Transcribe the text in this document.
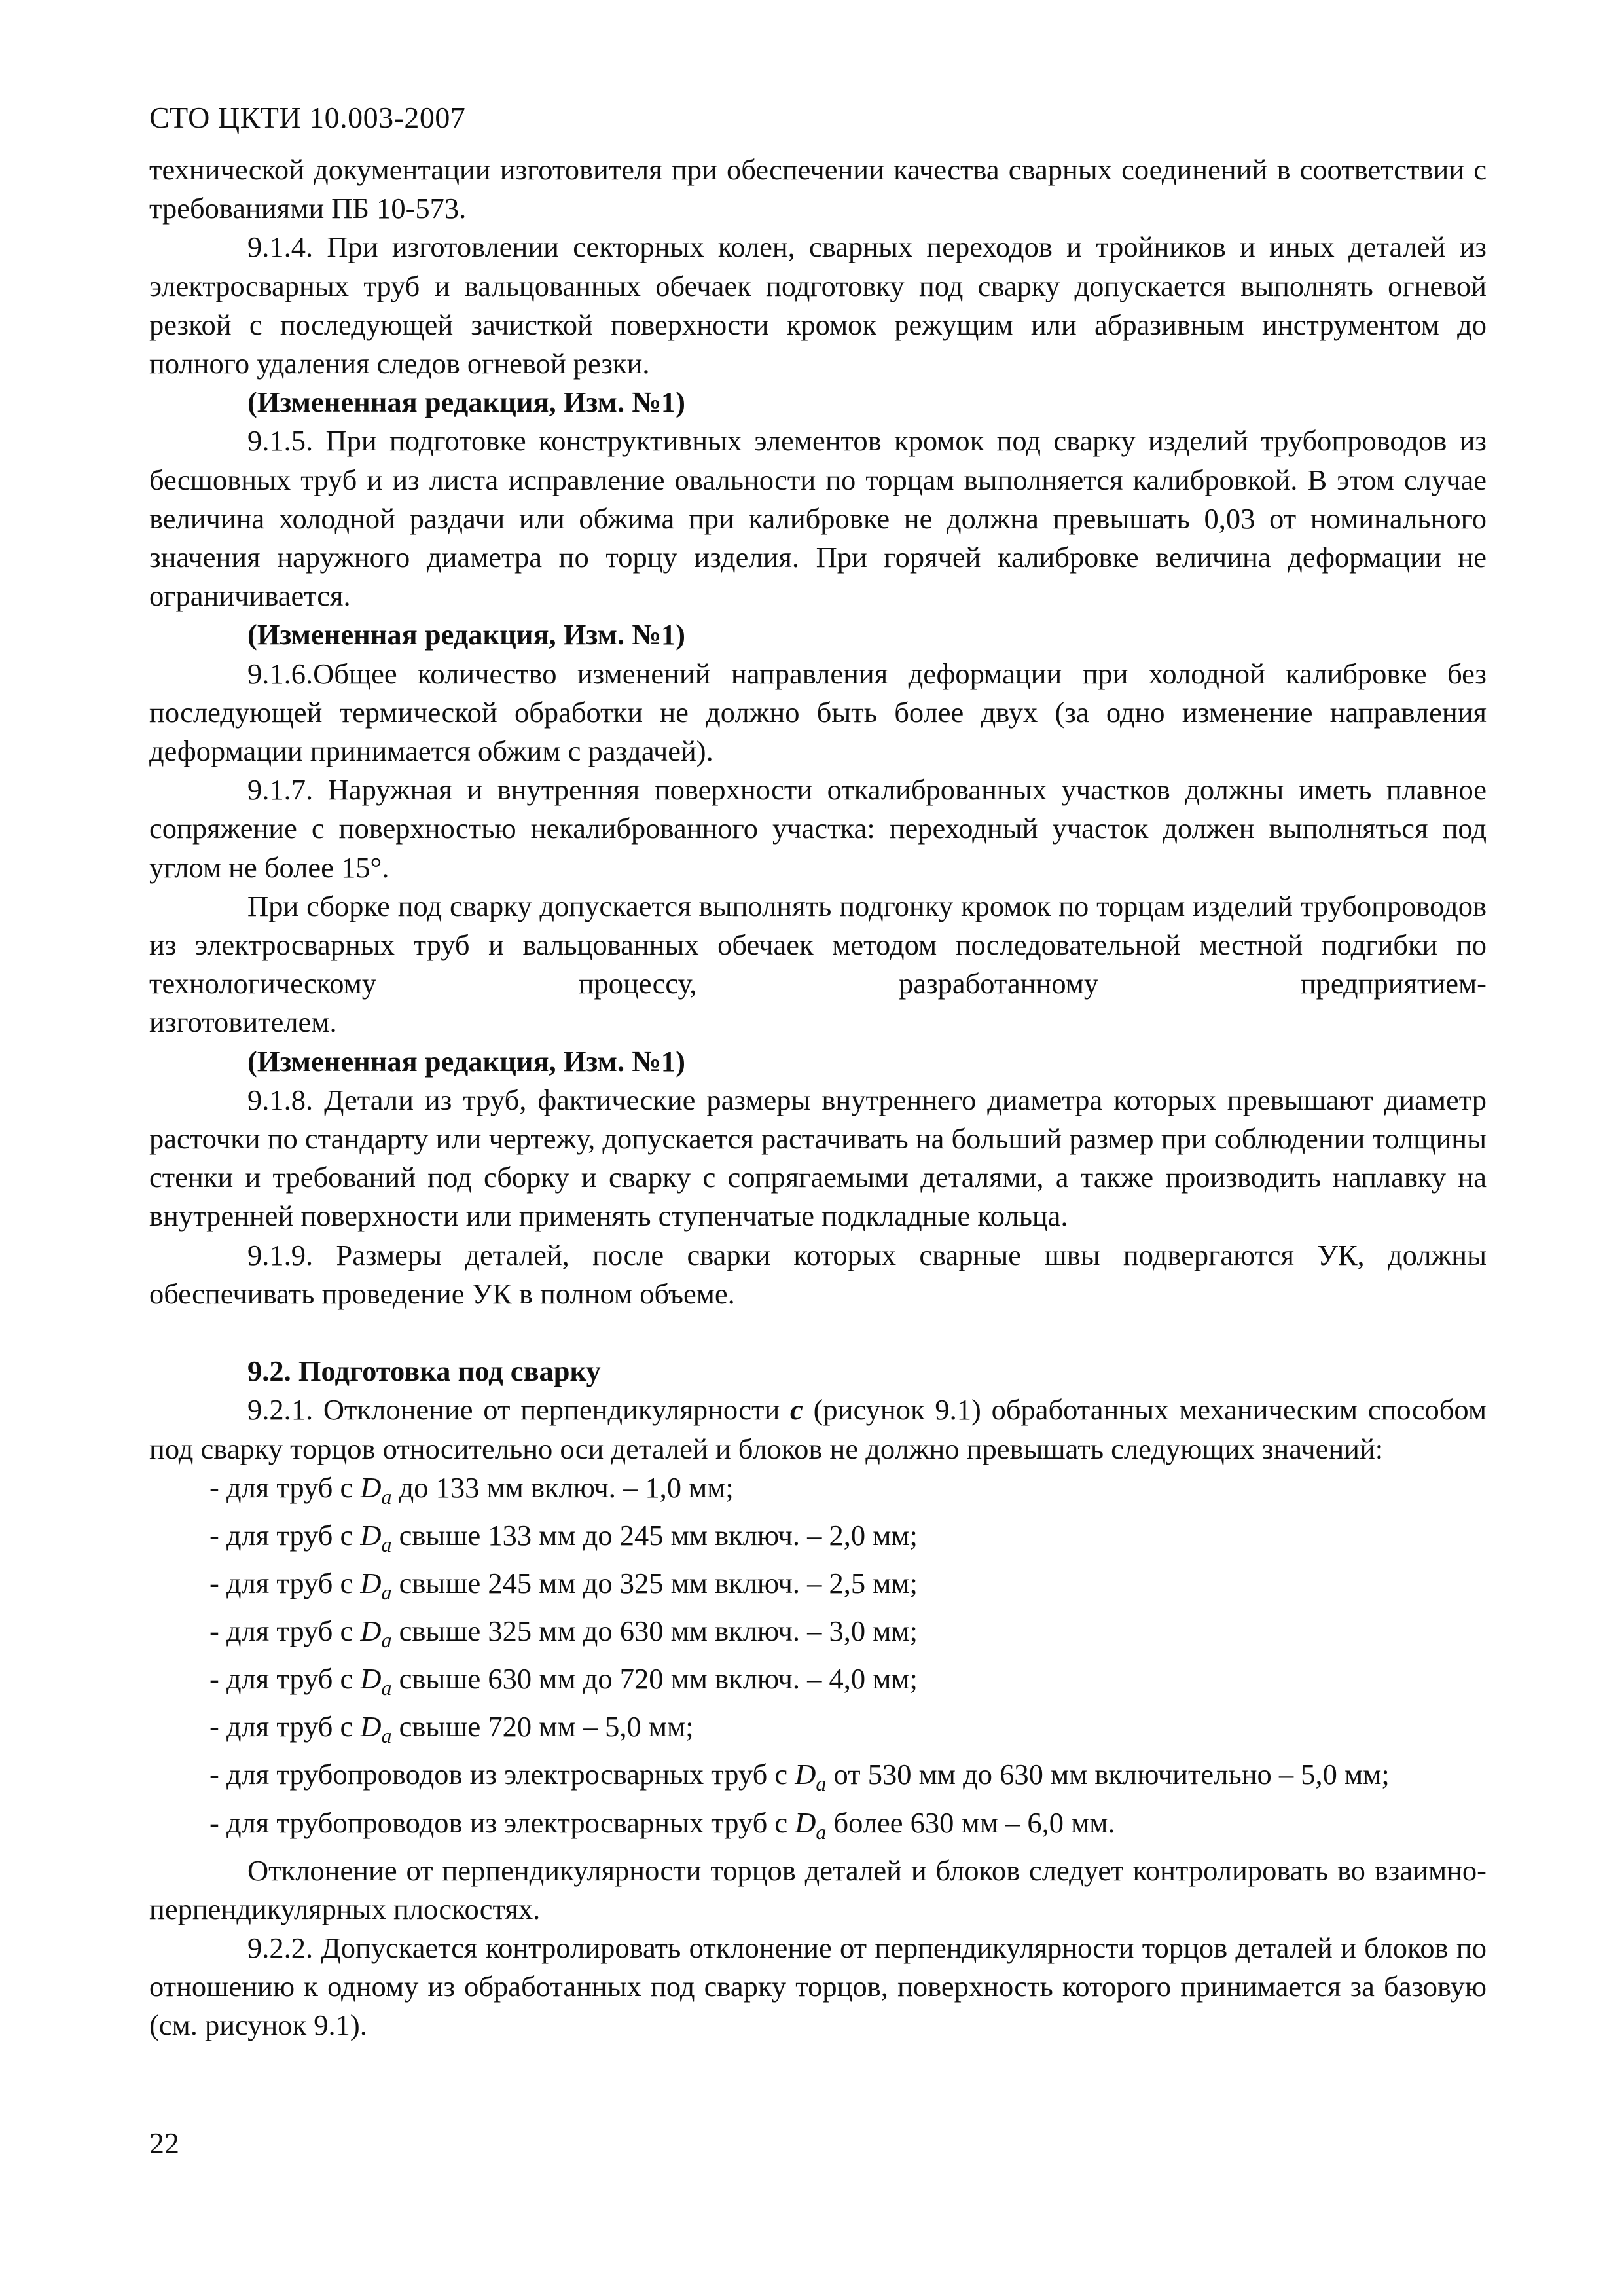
СТО ЦКТИ 10.003-2007

технической документации изготовителя при обеспечении качества сварных соединений в соответствии с требованиями ПБ 10-573.

9.1.4. При изготовлении секторных колен, сварных переходов и тройников и иных деталей из электросварных труб и вальцованных обечаек подготовку под сварку допускается выполнять огневой резкой с последующей зачисткой поверхности кромок режущим или абразивным инструментом до полного удаления следов огневой резки.

(Измененная редакция, Изм. №1)

9.1.5. При подготовке конструктивных элементов кромок под сварку изделий трубопроводов из бесшовных труб и из листа исправление овальности по торцам выполняется калибровкой. В этом случае величина холодной раздачи или обжима при калибровке не должна превышать 0,03 от номинального значения наружного диаметра по торцу изделия. При горячей калибровке величина деформации не ограничивается.

(Измененная редакция, Изм. №1)

9.1.6.Общее количество изменений направления деформации при холодной калибровке без последующей термической обработки не должно быть более двух (за одно изменение направления деформации принимается обжим с раздачей).

9.1.7. Наружная и внутренняя поверхности откалиброванных участков должны иметь плавное сопряжение с поверхностью некалиброванного участка: переходный участок должен выполняться под углом не более 15°.

При сборке под сварку допускается выполнять подгонку кромок по торцам изделий трубопроводов из электросварных труб и вальцованных обечаек методом последовательной местной подгибки по технологическому процессу, разработанному предприятием-

изготовителем.

(Измененная редакция, Изм. №1)

9.1.8. Детали из труб, фактические размеры внутреннего диаметра которых превышают диаметр расточки по стандарту или чертежу, допускается растачивать на больший размер при соблюдении толщины стенки и требований под сборку и сварку с сопрягаемыми деталями, а также производить наплавку на внутренней поверхности или применять ступенчатые подкладные кольца.

9.1.9. Размеры деталей, после сварки которых сварные швы подвергаются УК, должны обеспечивать проведение УК в полном объеме.

9.2. Подготовка под сварку

9.2.1. Отклонение от перпендикулярности c (рисунок 9.1) обработанных механическим способом под сварку торцов относительно оси деталей и блоков не должно превышать следующих значений:

- для труб с $D_a$ до 133 мм включ. – 1,0 мм;

- для труб с $D_a$ свыше 133 мм до 245 мм включ. – 2,0 мм;

- для труб с $D_a$ свыше 245 мм до 325 мм включ. – 2,5 мм;

- для труб с $D_a$ свыше 325 мм до 630 мм включ. – 3,0 мм;

- для труб с $D_a$ свыше 630 мм до 720 мм включ. – 4,0 мм;

- для труб с $D_а$ свыше 720 мм – 5,0 мм;

- для трубопроводов из электросварных труб с $D_a$ от 530 мм до 630 мм включительно – 5,0 мм;

- для трубопроводов из электросварных труб с $D_a$ более 630 мм – 6,0 мм.

Отклонение от перпендикулярности торцов деталей и блоков следует контролировать во взаимно-перпендикулярных плоскостях.

9.2.2. Допускается контролировать отклонение от перпендикулярности торцов деталей и блоков по отношению к одному из обработанных под сварку торцов, поверхность которого принимается за базовую (см. рисунок 9.1).

22
